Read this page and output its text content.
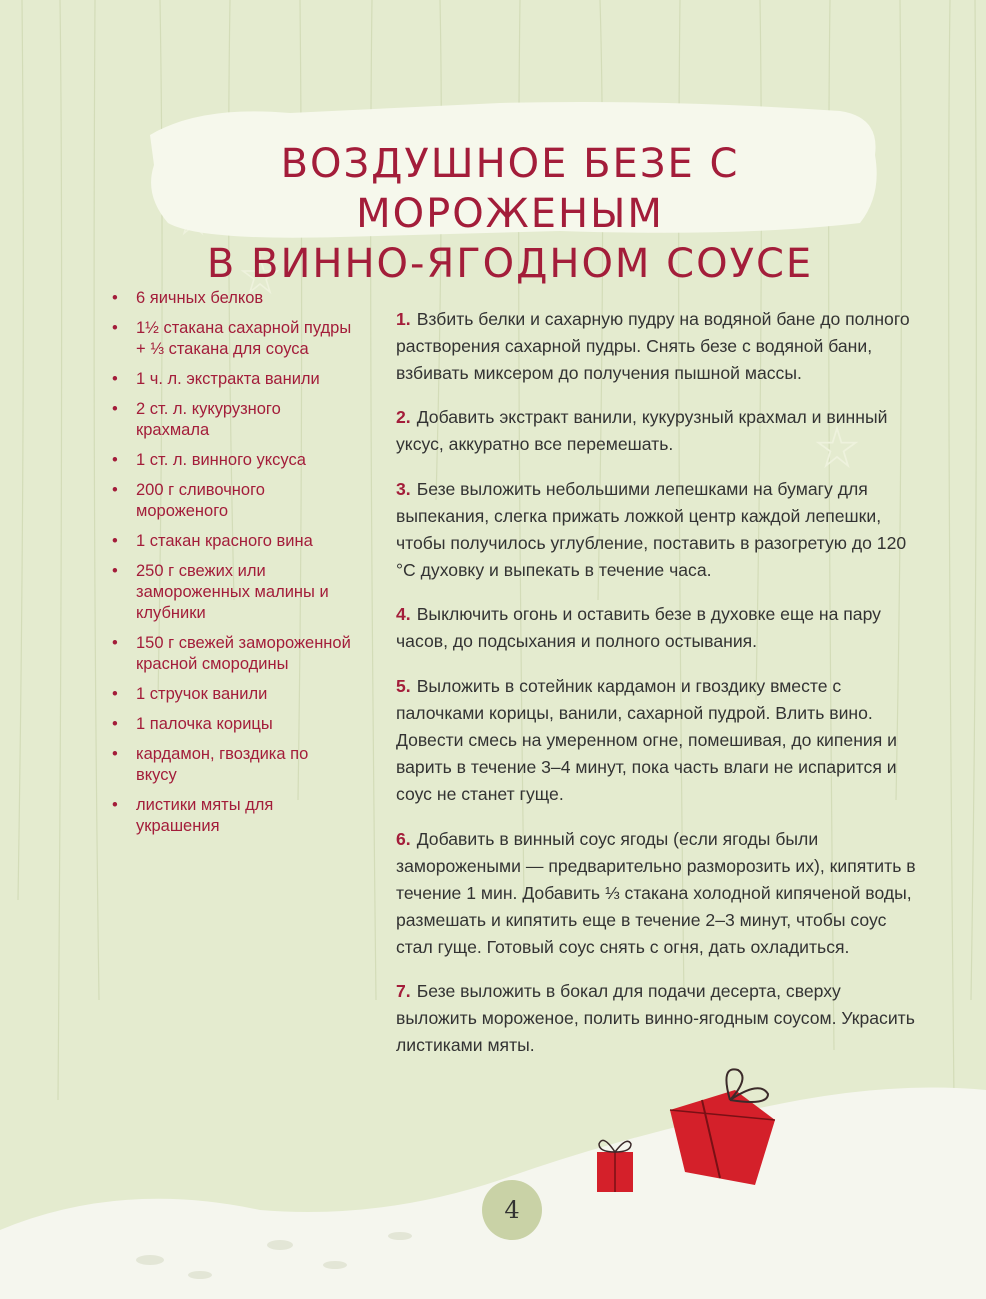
ВОЗДУШНОЕ БЕЗЕ С МОРОЖЕНЫМ
В ВИННО-ЯГОДНОМ СОУСЕ
• 6 яичных белков
• 1½ стакана сахарной пудры + ⅓ стакана для соуса
• 1 ч. л. экстракта ванили
• 2 ст. л. кукурузного крахмала
• 1 ст. л. винного уксуса
• 200 г сливочного мороженого
• 1 стакан красного вина
• 250 г свежих или замороженных малины и клубники
• 150 г свежей замороженной красной смородины
• 1 стручок ванили
• 1 палочка корицы
• кардамон, гвоздика по вкусу
• листики мяты для украшения

1. Взбить белки и сахарную пудру на водяной бане до полного растворения сахарной пудры. Снять безе с водяной бани, взбивать миксером до получения пышной массы.

2. Добавить экстракт ванили, кукурузный крахмал и винный уксус, аккуратно все перемешать.

3. Безе выложить небольшими лепешками на бумагу для выпекания, слегка прижать ложкой центр каждой лепешки, чтобы получилось углубление, поставить в разогретую до 120 °С духовку и выпекать в течение часа.

4. Выключить огонь и оставить безе в духовке еще на пару часов, до подсыхания и полного остывания.

5. Выложить в сотейник кардамон и гвоздику вместе с палочками корицы, ванили, сахарной пудрой. Влить вино. Довести смесь на умеренном огне, помешивая, до кипения и варить в течение 3–4 минут, пока часть влаги не испарится и соус не станет гуще.

6. Добавить в винный соус ягоды (если ягоды были заморожеными — предварительно разморозить их), кипятить в течение 1 мин. Добавить ⅓ стакана холодной кипяченой воды, размешать и кипятить еще в течение 2–3 минут, чтобы соус стал гуще. Готовый соус снять с огня, дать охладиться.

7. Безе выложить в бокал для подачи десерта, сверху выложить мороженое, полить винно-ягодным соусом. Украсить листиками мяты.

4
